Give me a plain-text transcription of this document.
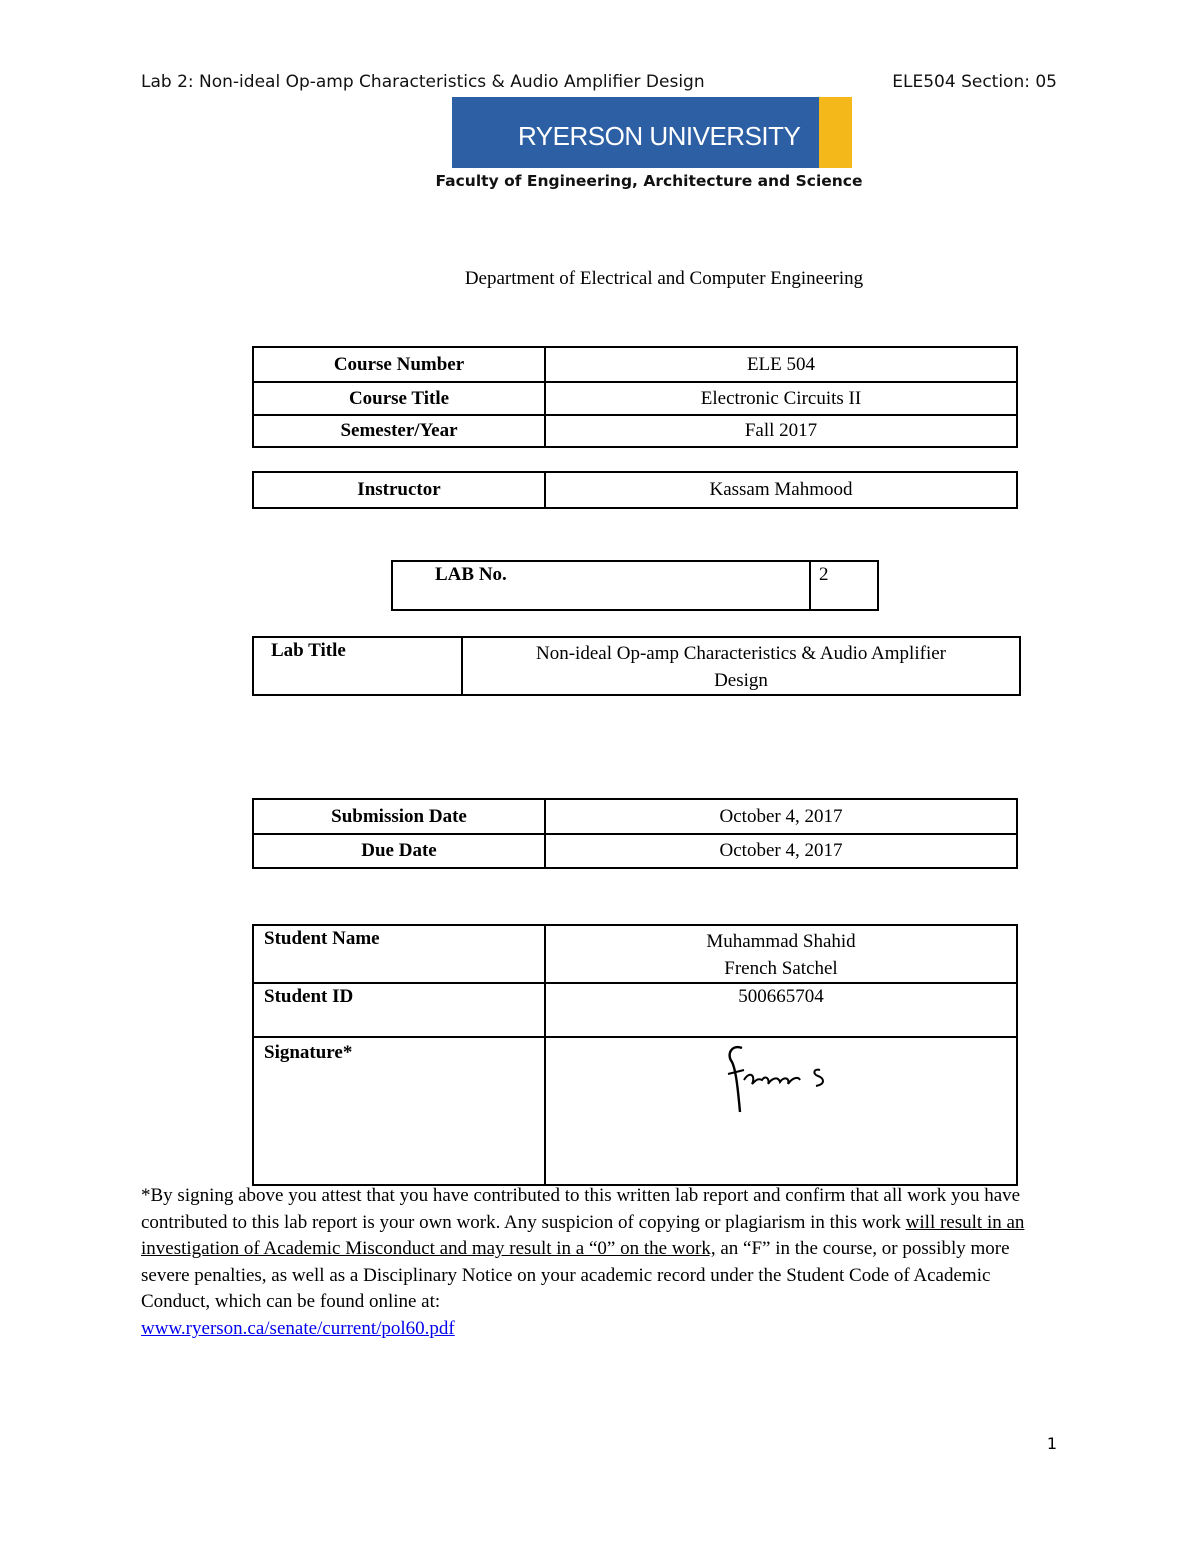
Lab 2: Non-ideal Op-amp Characteristics & Audio Amplifier Design	ELE504 Section: 05
RYERSON UNIVERSITY
Faculty of Engineering, Architecture and Science
Department of Electrical and Computer Engineering
Course Number	ELE 504
Course Title	Electronic Circuits II
Semester/Year	Fall 2017
Instructor	Kassam Mahmood
LAB No.	2
Lab Title	Non-ideal Op-amp Characteristics & Audio Amplifier
Design
Submission Date	October 4, 2017
Due Date	October 4, 2017
Student Name	Muhammad Shahid
French Satchel
Student ID	500665704
Signature*	
*By signing above you attest that you have contributed to this written lab report and confirm that all work you have contributed to this lab report is your own work. Any suspicion of copying or plagiarism in this work will result in an investigation of Academic Misconduct and may result in a “0” on the work, an “F” in the course, or possibly more severe penalties, as well as a Disciplinary Notice on your academic record under the Student Code of Academic Conduct, which can be found online at:
www.ryerson.ca/senate/current/pol60.pdf
1
